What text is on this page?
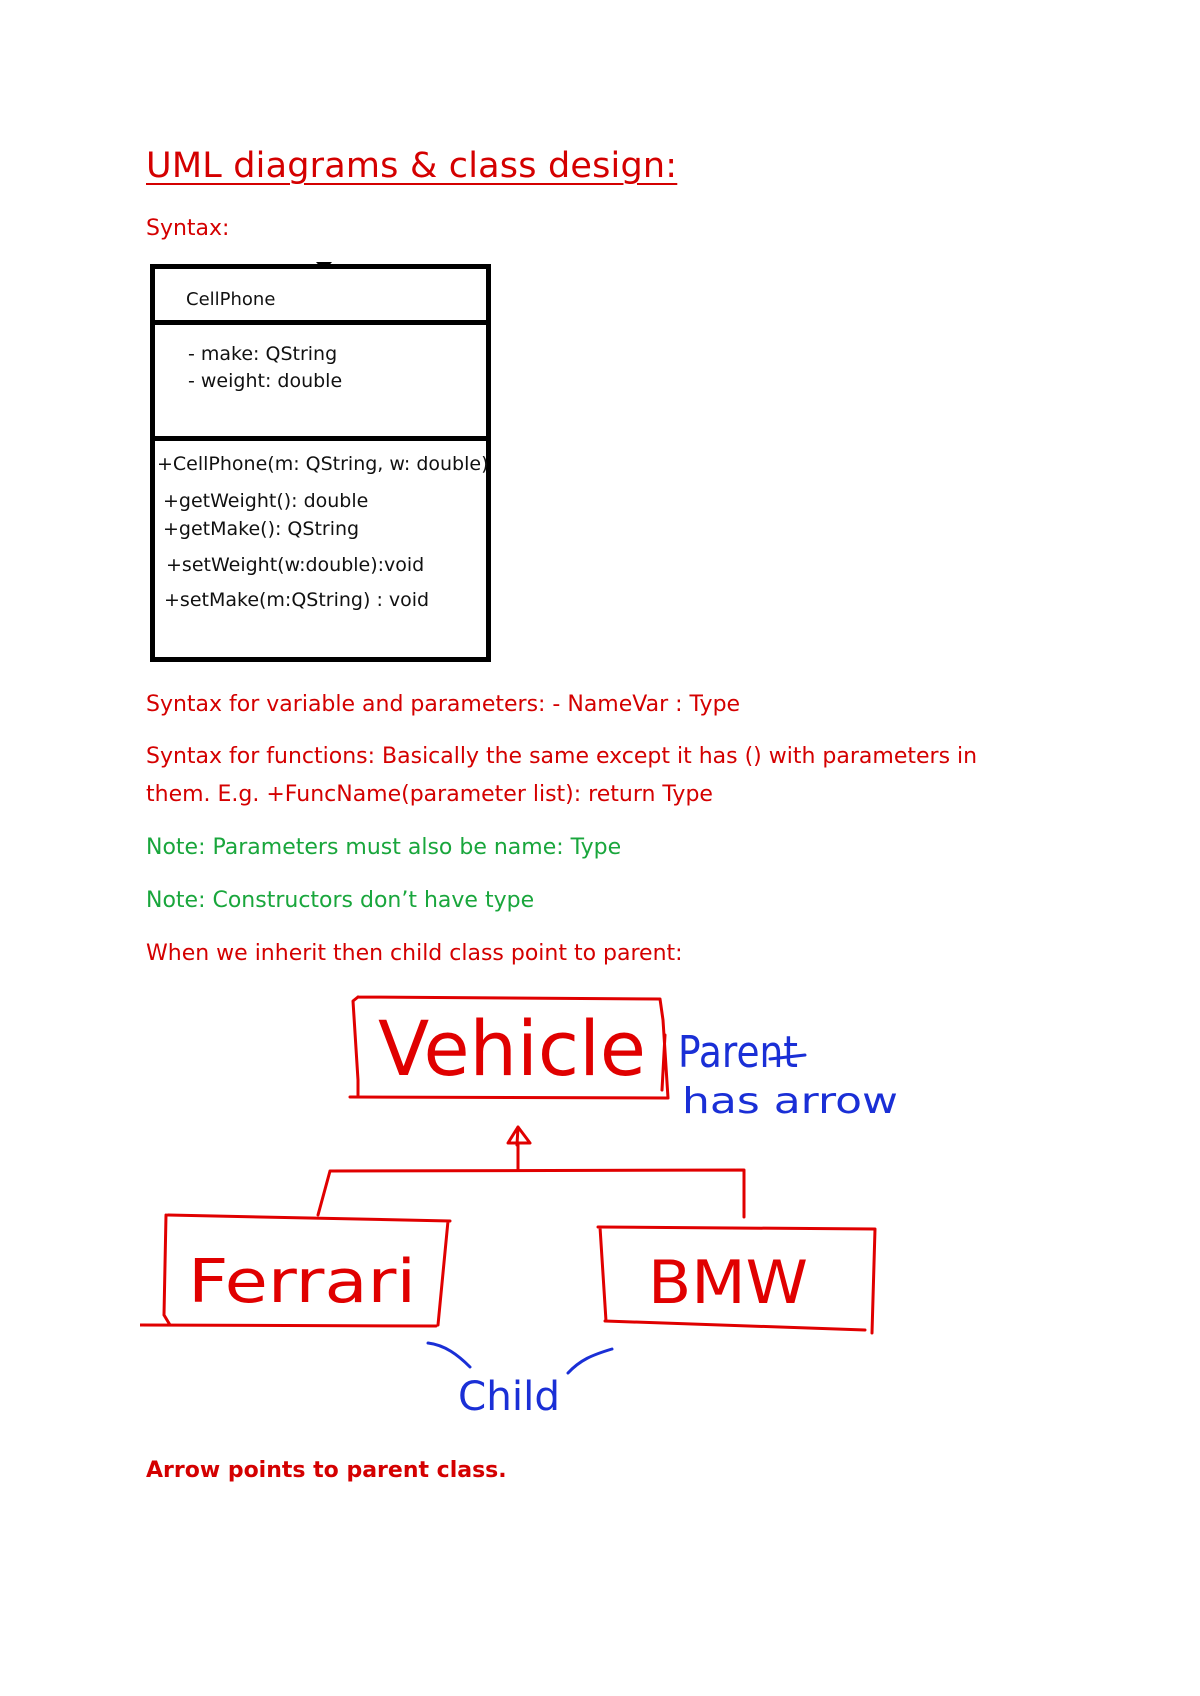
UML diagrams & class design:
Syntax:
CellPhone
- make: QString
- weight: double
+CellPhone(m: QString, w: double)
+getWeight(): double
+getMake(): QString
+setWeight(w:double):void
+setMake(m:QString) : void
Syntax for variable and parameters: - NameVar : Type
Syntax for functions: Basically the same except it has () with parameters in
them. E.g. +FuncName(parameter list): return Type
Note: Parameters must also be name: Type
Note: Constructors don’t have type
When we inherit then child class point to parent:
Vehicle
Ferrari	BMW
Parent
has arrow
Child
Arrow points to parent class.
